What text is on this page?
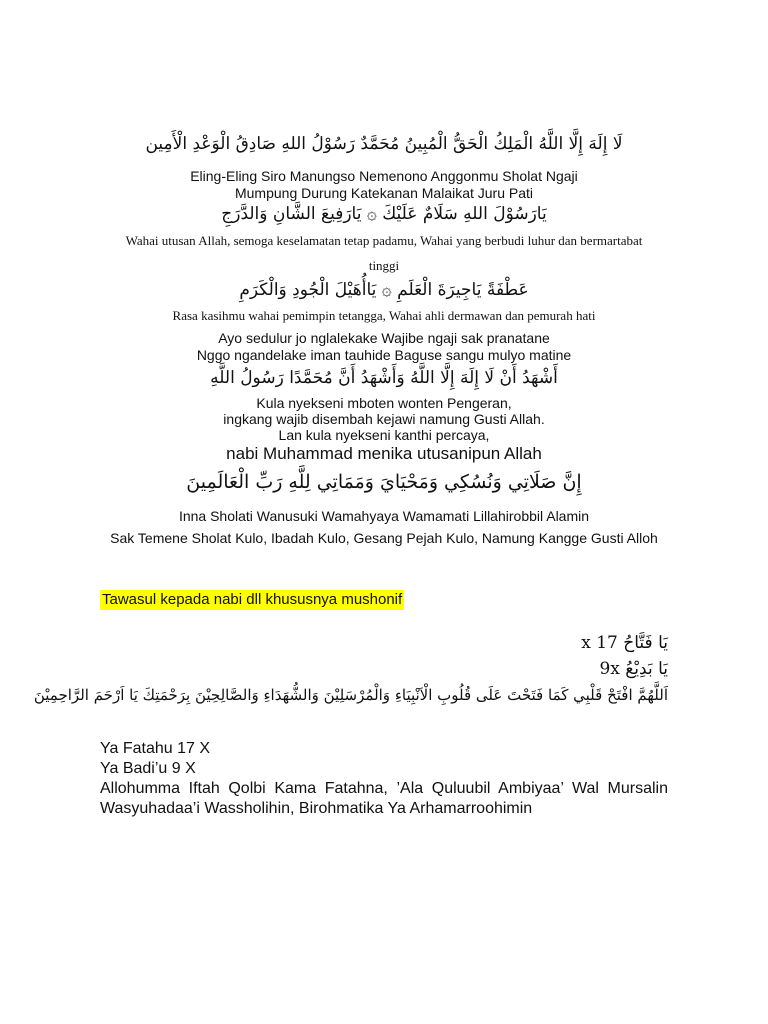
لَا إِلَهَ إِلَّا اللَّهُ الْمَلِكُ الْحَقُّ الْمُبِينُ مُحَمَّدٌ رَسُوْلُ اللهِ صَادِقُ الْوَعْدِ الْأَمِين

Eling-Eling Siro Manungso Nemenono Anggonmu Sholat Ngaji

Mumpung Durung Katekanan Malaikat Juru Pati

يَارَسُوْلَ اللهِ سَلَامٌ عَلَيْكَ ۞ يَارَفِيعَ الشَّانِ وَالدَّرَجِ

Wahai utusan Allah, semoga keselamatan tetap padamu, Wahai yang berbudi luhur dan bermartabat

tinggi

عَطْفَةً يَاجِيرَةَ الْعَلَمِ ۞ يَاأُهَيْلَ الْجُودِ وَالْكَرَمِ

Rasa kasihmu wahai pemimpin tetangga, Wahai ahli dermawan dan pemurah hati

Ayo sedulur jo nglalekake Wajibe ngaji sak pranatane

Nggo ngandelake iman tauhide Baguse sangu mulyo matine

أَشْهَدُ أَنْ لَا إِلَهَ إِلَّا اللَّهُ وَأَشْهَدُ أَنَّ مُحَمَّدًا رَسُولُ اللَّهِ

Kula nyekseni mboten wonten Pengeran,

ingkang wajib disembah kejawi namung Gusti Allah.

Lan kula nyekseni kanthi percaya,

nabi Muhammad menika utusanipun Allah

إِنَّ صَلَاتِي وَنُسُكِي وَمَحْيَايَ وَمَمَاتِي لِلَّهِ رَبِّ الْعَالَمِينَ

Inna Sholati Wanusuki Wamahyaya Wamamati Lillahirobbil Alamin

Sak Temene Sholat Kulo, Ibadah Kulo, Gesang Pejah Kulo, Namung Kangge Gusti Alloh

Tawasul kepada nabi dll khususnya mushonif

يَا فَتَّاحُ x 17

يَا بَدِيْعُ 9x

اَللَّهُمَّ افْتَحْ قَلْبِي كَمَا فَتَحْتَ عَلَى قُلُوبِ الْاَنْبِيَاءِ وَالْمُرْسَلِيْنَ وَالشُّهَدَاءِ وَالصَّالِحِيْنَ بِرَحْمَتِكَ يَا اَرْحَمَ الرَّاحِمِيْنَ

Ya Fatahu 17 X

Ya Badi’u 9 X

Allohumma Iftah Qolbi Kama Fatahna, ’Ala Quluubil Ambiyaa’ Wal Mursalin Wasyuhadaa’i Wassholihin, Birohmatika Ya Arhamarroohimin
